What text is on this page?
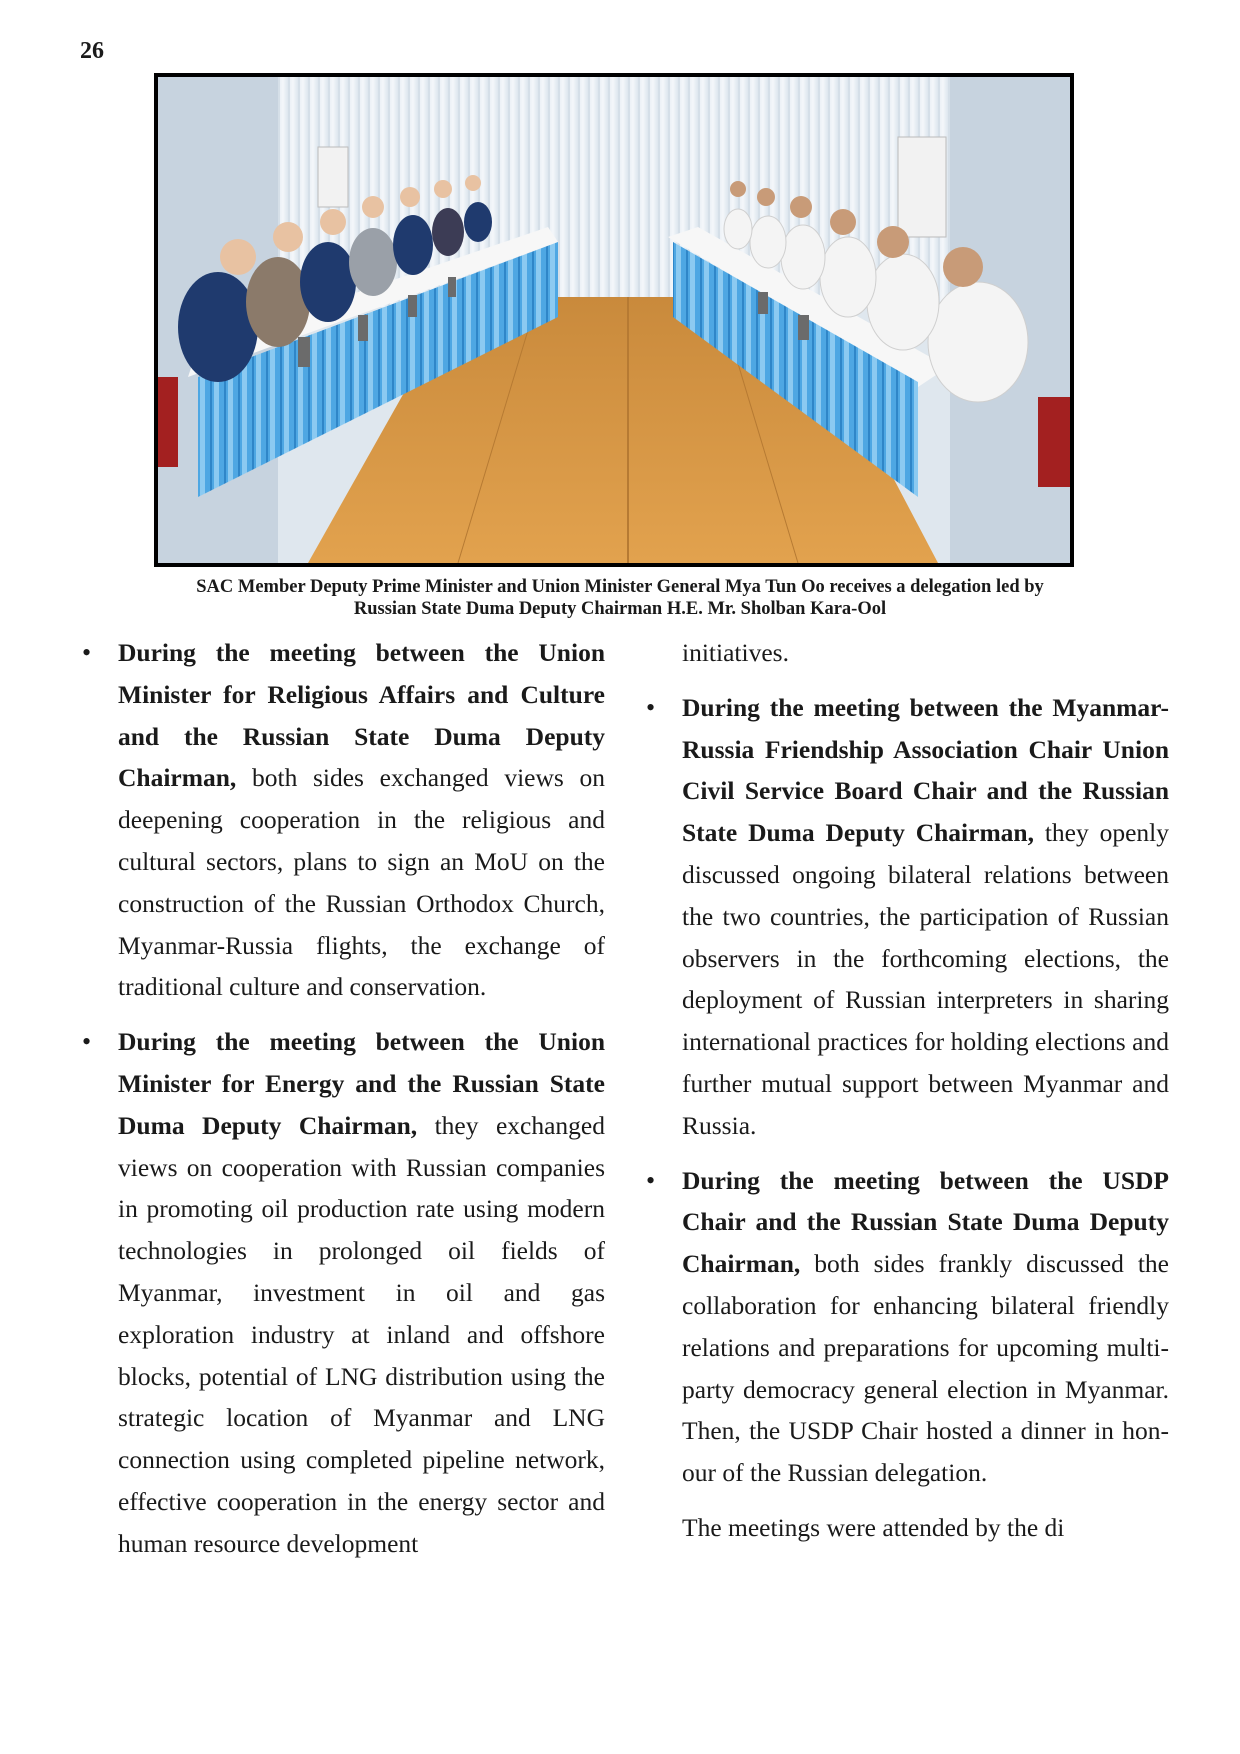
26
SAC Member Deputy Prime Minister and Union Minister General Mya Tun Oo receives a delegation led by
Russian State Duma Deputy Chairman H.E. Mr. Sholban Kara-Ool

• During the meeting between the Union Minister for Religious Affairs and Culture and the Russian State Duma Deputy Chairman, both sides exchanged views on deepening cooperation in the religious and cultural sectors, plans to sign an MoU on the construction of the Russian Orthodox Church, Myanmar-Russia flights, the exchange of traditional culture and conservation.

• During the meeting between the Union Minister for Energy and the Russian State Duma Deputy Chairman, they exchanged views on cooperation with Russian companies in promoting oil production rate using modern technologies in prolonged oil fields of Myanmar, investment in oil and gas exploration industry at inland and offshore blocks, potential of LNG distribution using the strategic location of Myanmar and LNG connection using completed pipeline network, effective cooperation in the energy sector and human resource development

initiatives.

• During the meeting between the Myanmar-Russia Friendship Association Chair Union Civil Service Board Chair and the Russian State Duma Deputy Chairman, they openly discussed ongoing bilateral relations between the two countries, the participation of Russian observers in the forthcoming elections, the deployment of Russian interpreters in sharing international practices for holding elections and further mutual support between Myanmar and Russia.

• During the meeting between the USDP Chair and the Russian State Duma Deputy Chairman, both sides frankly discussed the collaboration for enhancing bilateral friendly relations and preparations for upcoming multi-party democracy general election in Myanmar. Then, the USDP Chair hosted a dinner in honour of the Russian delegation.

The meetings were attended by the di
